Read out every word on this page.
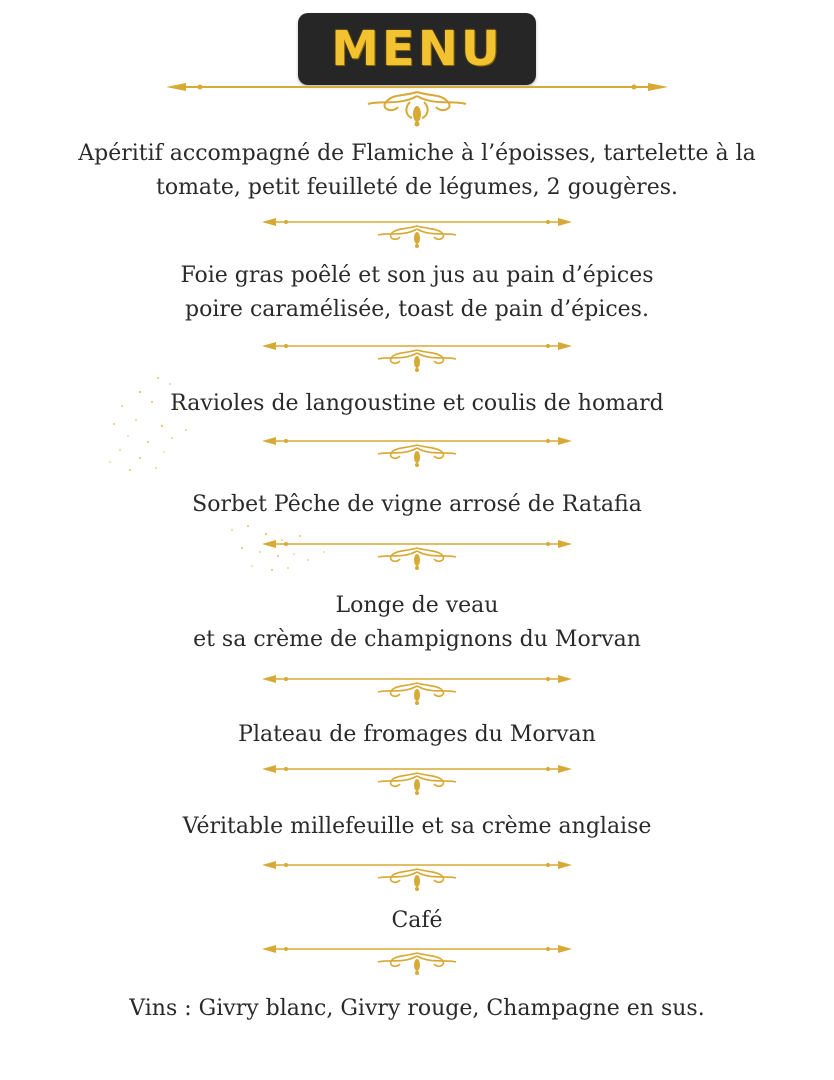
MENU
Apéritif accompagné de Flamiche à l’époisses, tartelette à la
tomate, petit feuilleté de légumes, 2 gougères.
Foie gras poêlé et son jus au pain d’épices
poire caramélisée, toast de pain d’épices.
Ravioles de langoustine et coulis de homard
Sorbet Pêche de vigne arrosé de Ratafia
Longe de veau
et sa crème de champignons du Morvan
Plateau de fromages du Morvan
Véritable millefeuille et sa crème anglaise
Café
Vins : Givry blanc, Givry rouge, Champagne en sus.
